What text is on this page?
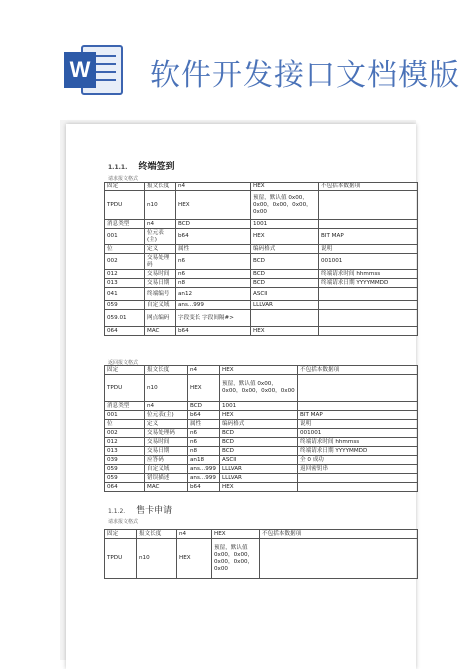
W 软件开发接口文档模版
1.1.1. 终端签到
请求报文格式
固定	报文长度	n4	HEX	不包括本数据项
TPDU	n10	HEX	预留，默认值 0x00，0x00，0x00，0x00，0x00	
消息类型	n4	BCD	1001	
001	位元表(主)	b64	HEX	BIT MAP
位	定义	属性	编码格式	说明
002	交易处理码	n6	BCD	001001
012	交易时间	n6	BCD	终端请求时间 hhmmss
013	交易日期	n8	BCD	终端请求日期 YYYYMMDD
041	终端编号	an12	ASCII	
059	自定义域	ans...999	LLLVAR	
059.01	网点编码	字段变长 字段间隔#>		
064	MAC	b64	HEX	
返回报文格式
固定	报文长度	n4	HEX	不包括本数据项
TPDU	n10	HEX	预留，默认值 0x00，0x00，0x00，0x00，0x00	
消息类型	n4	BCD	1001	
001	位元表(主)	b64	HEX	BIT MAP
位	定义	属性	编码格式	说明
002	交易处理码	n6	BCD	001001
012	交易时间	n6	BCD	终端请求时间 hhmmss
013	交易日期	n8	BCD	终端请求日期 YYYYMMDD
039	应答码	an18	ASCII	全 0 成功
059	自定义域	ans...999	LLLVAR	返回密钥串
059	错误描述	ans...999	LLLVAR	
064	MAC	b64	HEX	
1.1.2. 售卡申请
请求报文格式
固定	报文长度	n4	HEX	不包括本数据项
TPDU	n10	HEX	预留，默认值 0x00，0x00，0x00，0x00，0x00	
